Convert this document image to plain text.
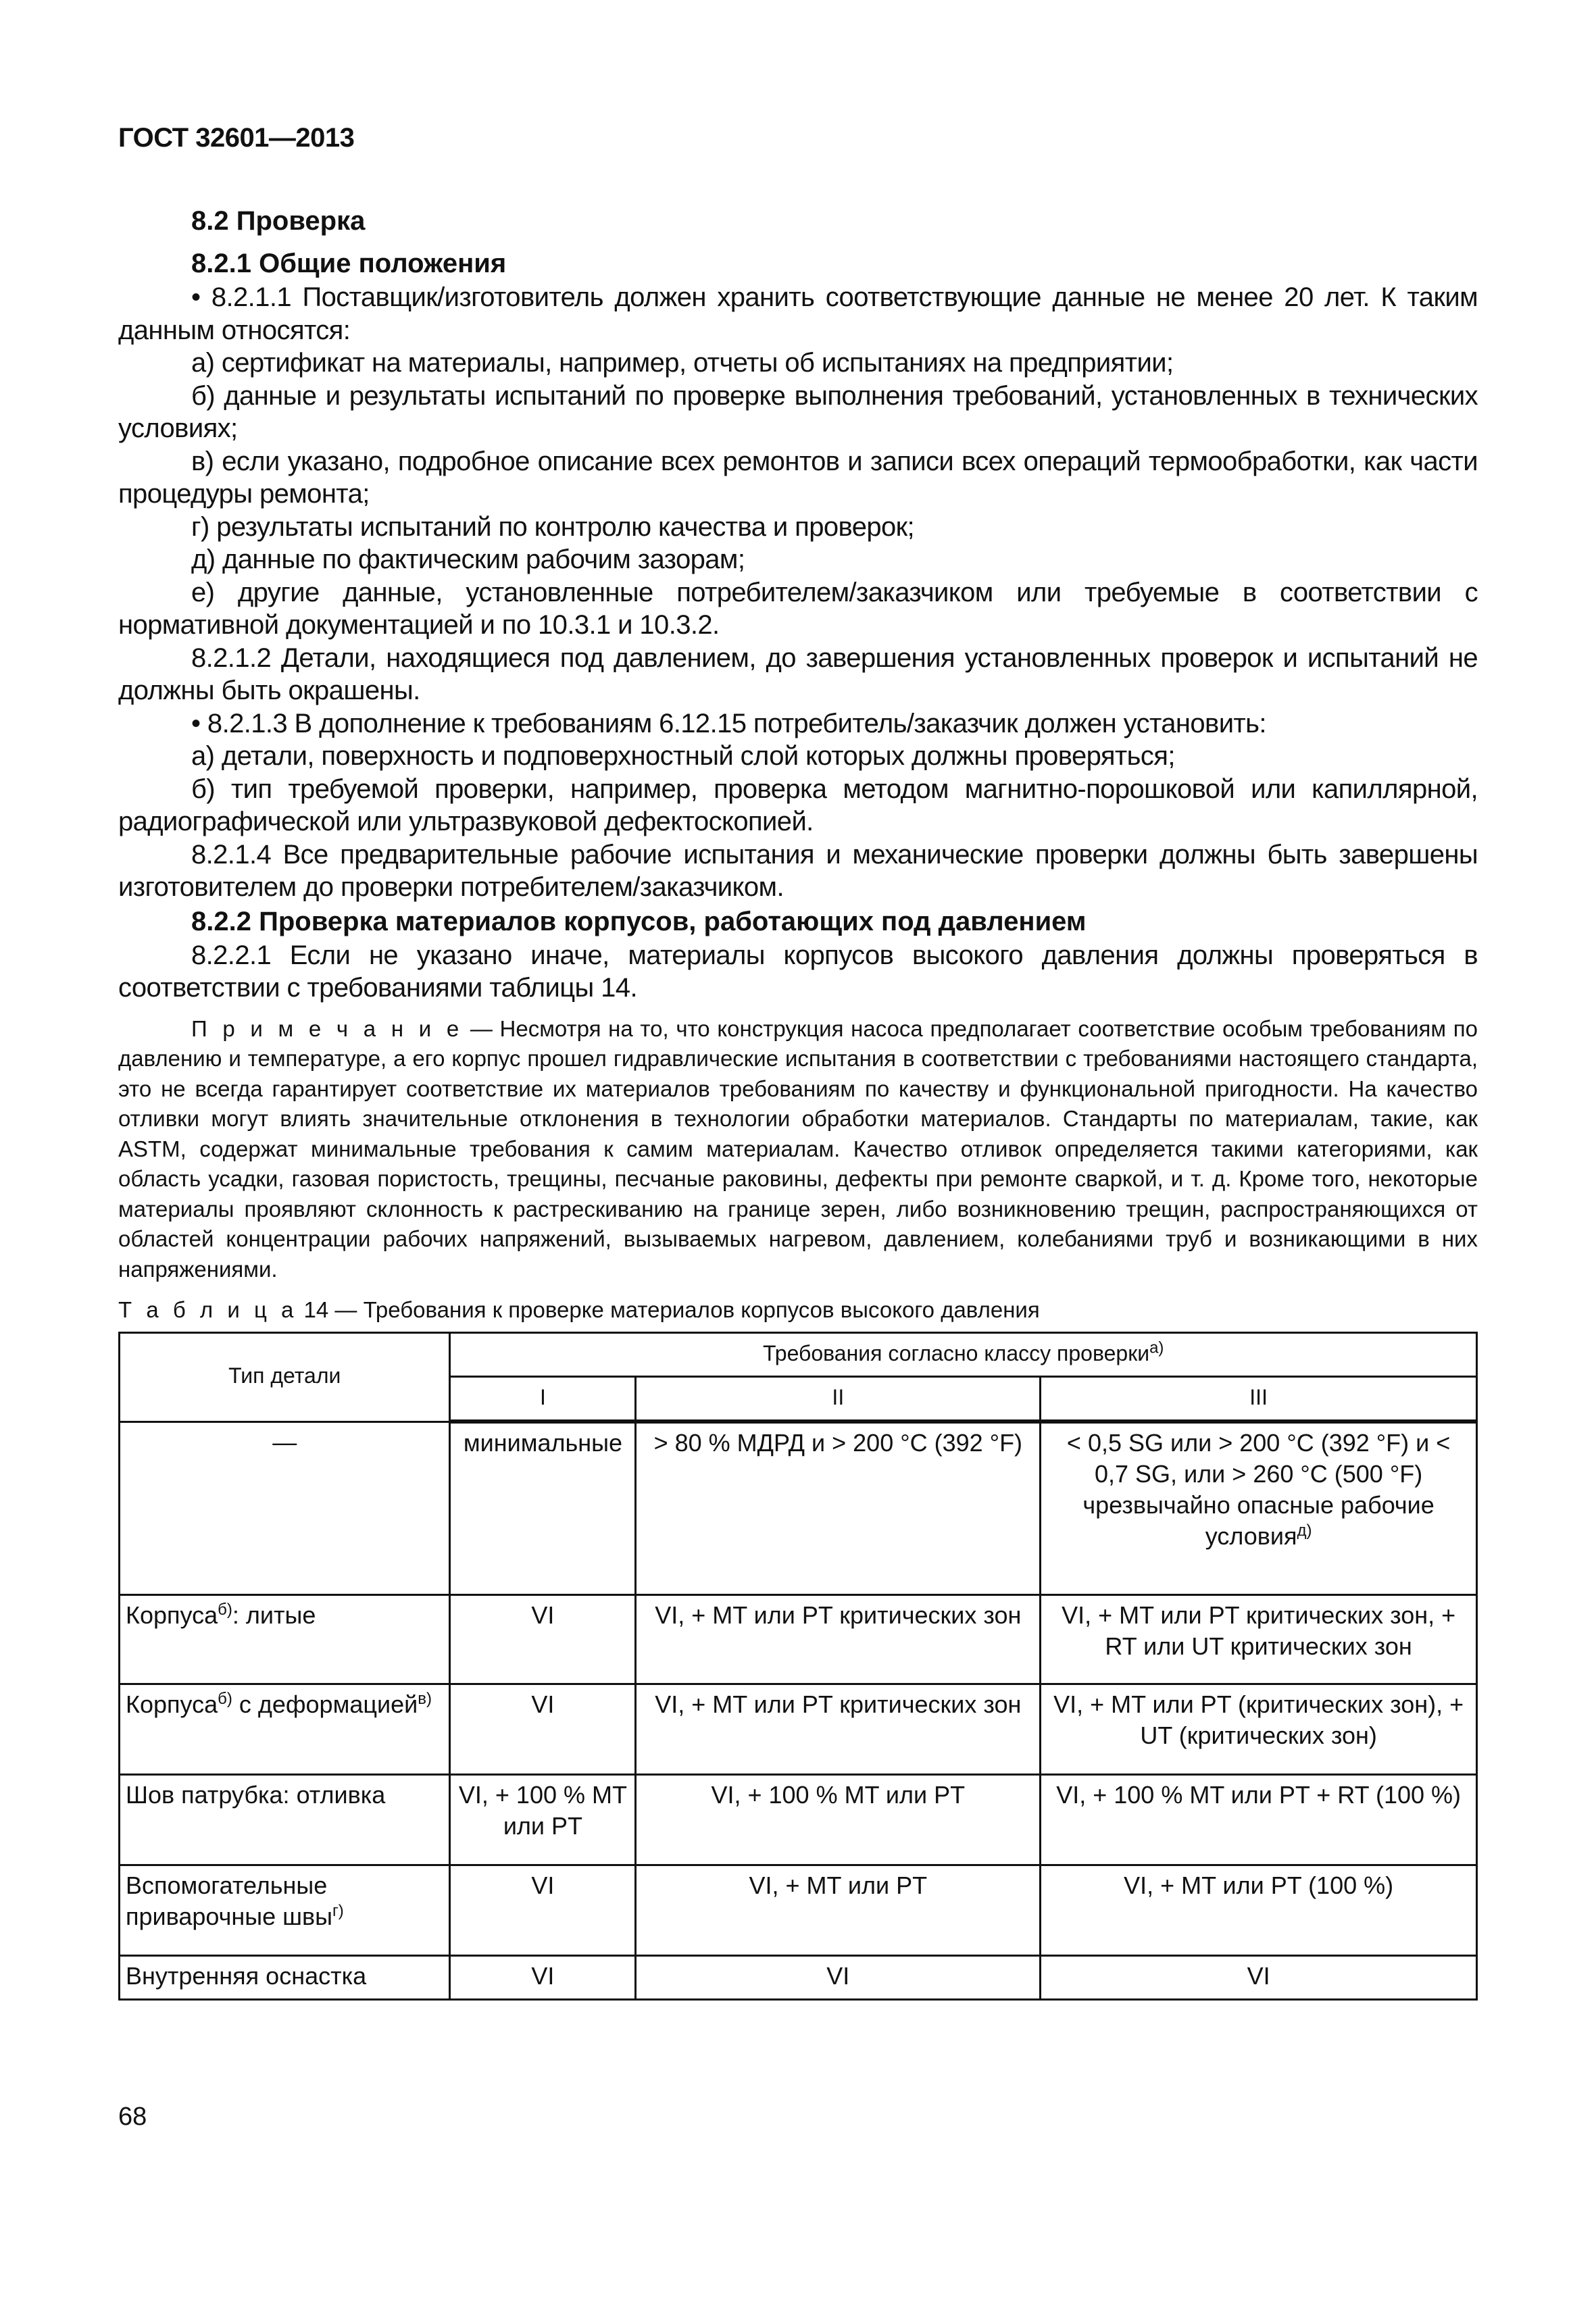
ГОСТ 32601—2013
8.2 Проверка
8.2.1 Общие положения

• 8.2.1.1 Поставщик/изготовитель должен хранить соответствующие данные не менее 20 лет. К таким данным относятся:

а) сертификат на материалы, например, отчеты об испытаниях на предприятии;

б) данные и результаты испытаний по проверке выполнения требований, установленных в технических условиях;

в) если указано, подробное описание всех ремонтов и записи всех операций термообработки, как части процедуры ремонта;

г) результаты испытаний по контролю качества и проверок;

д) данные по фактическим рабочим зазорам;

е) другие данные, установленные потребителем/заказчиком или требуемые в соответствии с нормативной документацией и по 10.3.1 и 10.3.2.

8.2.1.2 Детали, находящиеся под давлением, до завершения установленных проверок и испытаний не должны быть окрашены.

• 8.2.1.3 В дополнение к требованиям 6.12.15 потребитель/заказчик должен установить:

а) детали, поверхность и подповерхностный слой которых должны проверяться;

б) тип требуемой проверки, например, проверка методом магнитно-порошковой или капиллярной, радиографической или ультразвуковой дефектоскопией.

8.2.1.4 Все предварительные рабочие испытания и механические проверки должны быть завершены изготовителем до проверки потребителем/заказчиком.

8.2.2 Проверка материалов корпусов, работающих под давлением

8.2.2.1 Если не указано иначе, материалы корпусов высокого давления должны проверяться в соответствии с требованиями таблицы 14.

П р и м е ч а н и е — Несмотря на то, что конструкция насоса предполагает соответствие особым требованиям по давлению и температуре, а его корпус прошел гидравлические испытания в соответствии с требованиями настоящего стандарта, это не всегда гарантирует соответствие их материалов требованиям по качеству и функциональной пригодности. На качество отливки могут влиять значительные отклонения в технологии обработки материалов. Стандарты по материалам, такие, как ASTM, содержат минимальные требования к самим материалам. Качество отливок определяется такими категориями, как область усадки, газовая пористость, трещины, песчаные раковины, дефекты при ремонте сваркой, и т. д. Кроме того, некоторые материалы проявляют склонность к растрескиванию на границе зерен, либо возникновению трещин, распространяющихся от областей концентрации рабочих напряжений, вызываемых нагревом, давлением, колебаниями труб и возникающими в них напряжениями.

Т а б л и ц а 14 — Требования к проверке материалов корпусов высокого давления
Тип детали	Требования согласно классу проверки$^{а)}$
	I	II	III
—	минимальные	> 80 % МДРД и > 200 °C (392 °F)	< 0,5 SG или > 200 °C (392 °F) и < 0,7 SG, или > 260 °C (500 °F) чрезвычайно опасные рабочие условия$^{д)}$
Корпуса$^{б)}$: литые	VI	VI, + MT или PT критических зон	VI, + MT или PT критических зон, + RT или UT критических зон
Корпуса$^{б)}$ с деформацией$^{в)}$	VI	VI, + MT или PT критических зон	VI, + MT или PT (критических зон), + UT (критических зон)
Шов патрубка: отливка	VI, + 100 % MT или PT	VI, + 100 % MT или PT	VI, + 100 % MT или PT + RT (100 %)
Вспомогательные приварочные швы$^{г)}$	VI	VI, + MT или PT	VI, + MT или PT (100 %)
Внутренняя оснастка	VI	VI	VI
68
